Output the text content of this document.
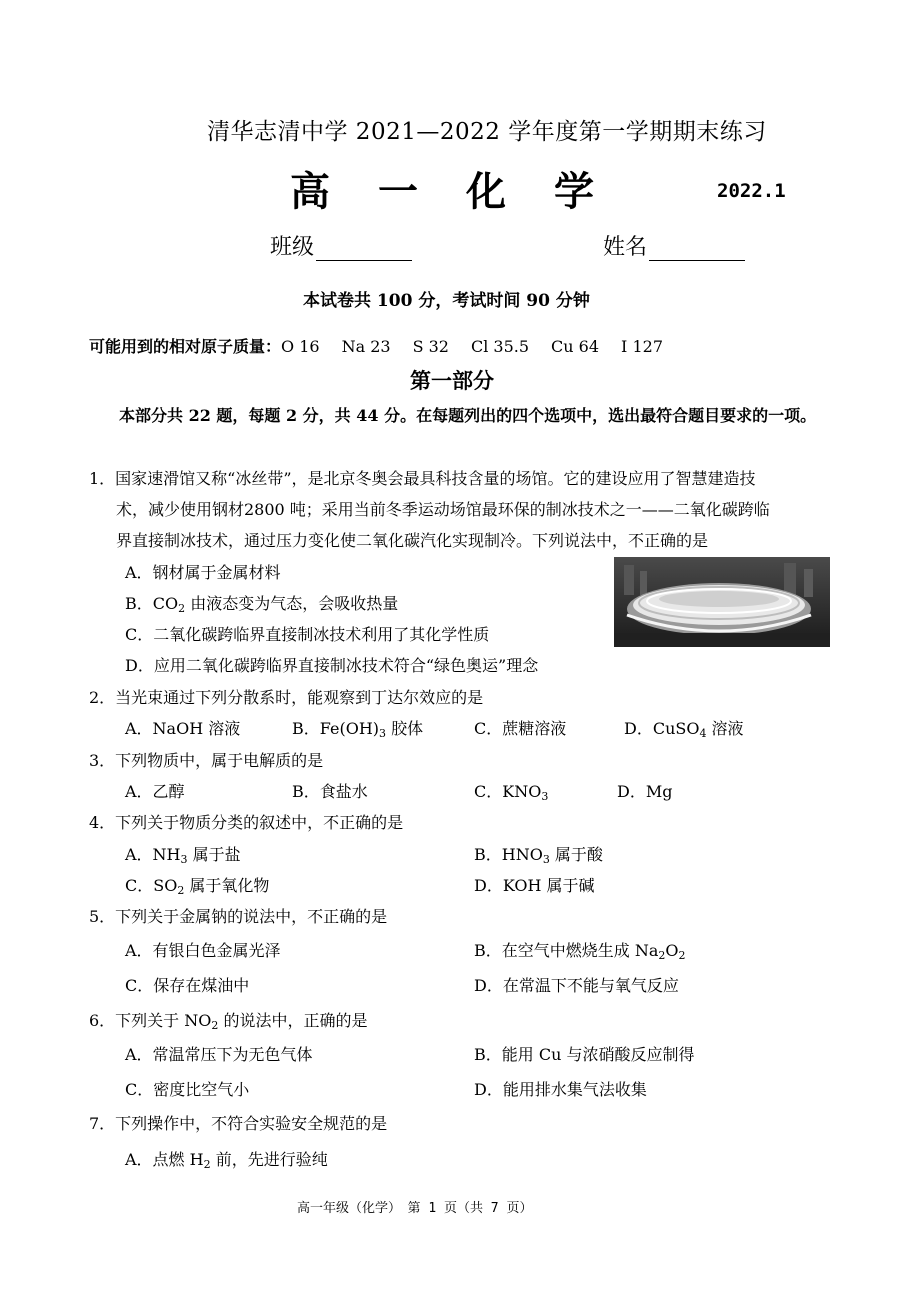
清华志清中学 2021—2022 学年度第一学期期末练习
高一化学	2022.1
班级	姓名
本试卷共 100 分，考试时间 90 分钟
可能用到的相对原子质量：O 16 Na 23 S 32 Cl 35.5 Cu 64 I 127
第一部分
本部分共 22 题，每题 2 分，共 44 分。在每题列出的四个选项中，选出最符合题目要求的一项。
1．国家速滑馆又称“冰丝带”，是北京冬奥会最具科技含量的场馆。它的建设应用了智慧建造技
术，减少使用钢材2800 吨；采用当前冬季运动场馆最环保的制冰技术之一——二氧化碳跨临
界直接制冰技术，通过压力变化使二氧化碳汽化实现制冷。下列说法中，不正确的是
A．钢材属于金属材料
B．$CO_2$ 由液态变为气态，会吸收热量
C．二氧化碳跨临界直接制冰技术利用了其化学性质
D．应用二氧化碳跨临界直接制冰技术符合“绿色奥运”理念
2．当光束通过下列分散系时，能观察到丁达尔效应的是
A．NaOH 溶液	B．$Fe(OH)_3$ 胶体	C．蔗糖溶液	D．CuSO$_4$ 溶液
3．下列物质中，属于电解质的是
A．乙醇	B．食盐水	C．$KNO_3$	D．Mg
4．下列关于物质分类的叙述中，不正确的是
A．$NH_3$ 属于盐	B．$HNO_3$ 属于酸
C．$SO_2$ 属于氧化物	D．KOH 属于碱
5．下列关于金属钠的说法中，不正确的是
A．有银白色金属光泽	B．在空气中燃烧生成 $Na_2O_2$
C．保存在煤油中	D．在常温下不能与氧气反应
6．下列关于 $NO_2$ 的说法中，正确的是
A．常温常压下为无色气体	B．能用 Cu 与浓硝酸反应制得
C．密度比空气小	D．能用排水集气法收集
7．下列操作中，不符合实验安全规范的是
A．点燃 $H_2$ 前，先进行验纯
高一年级（化学）　第 1 页（共 7 页）
